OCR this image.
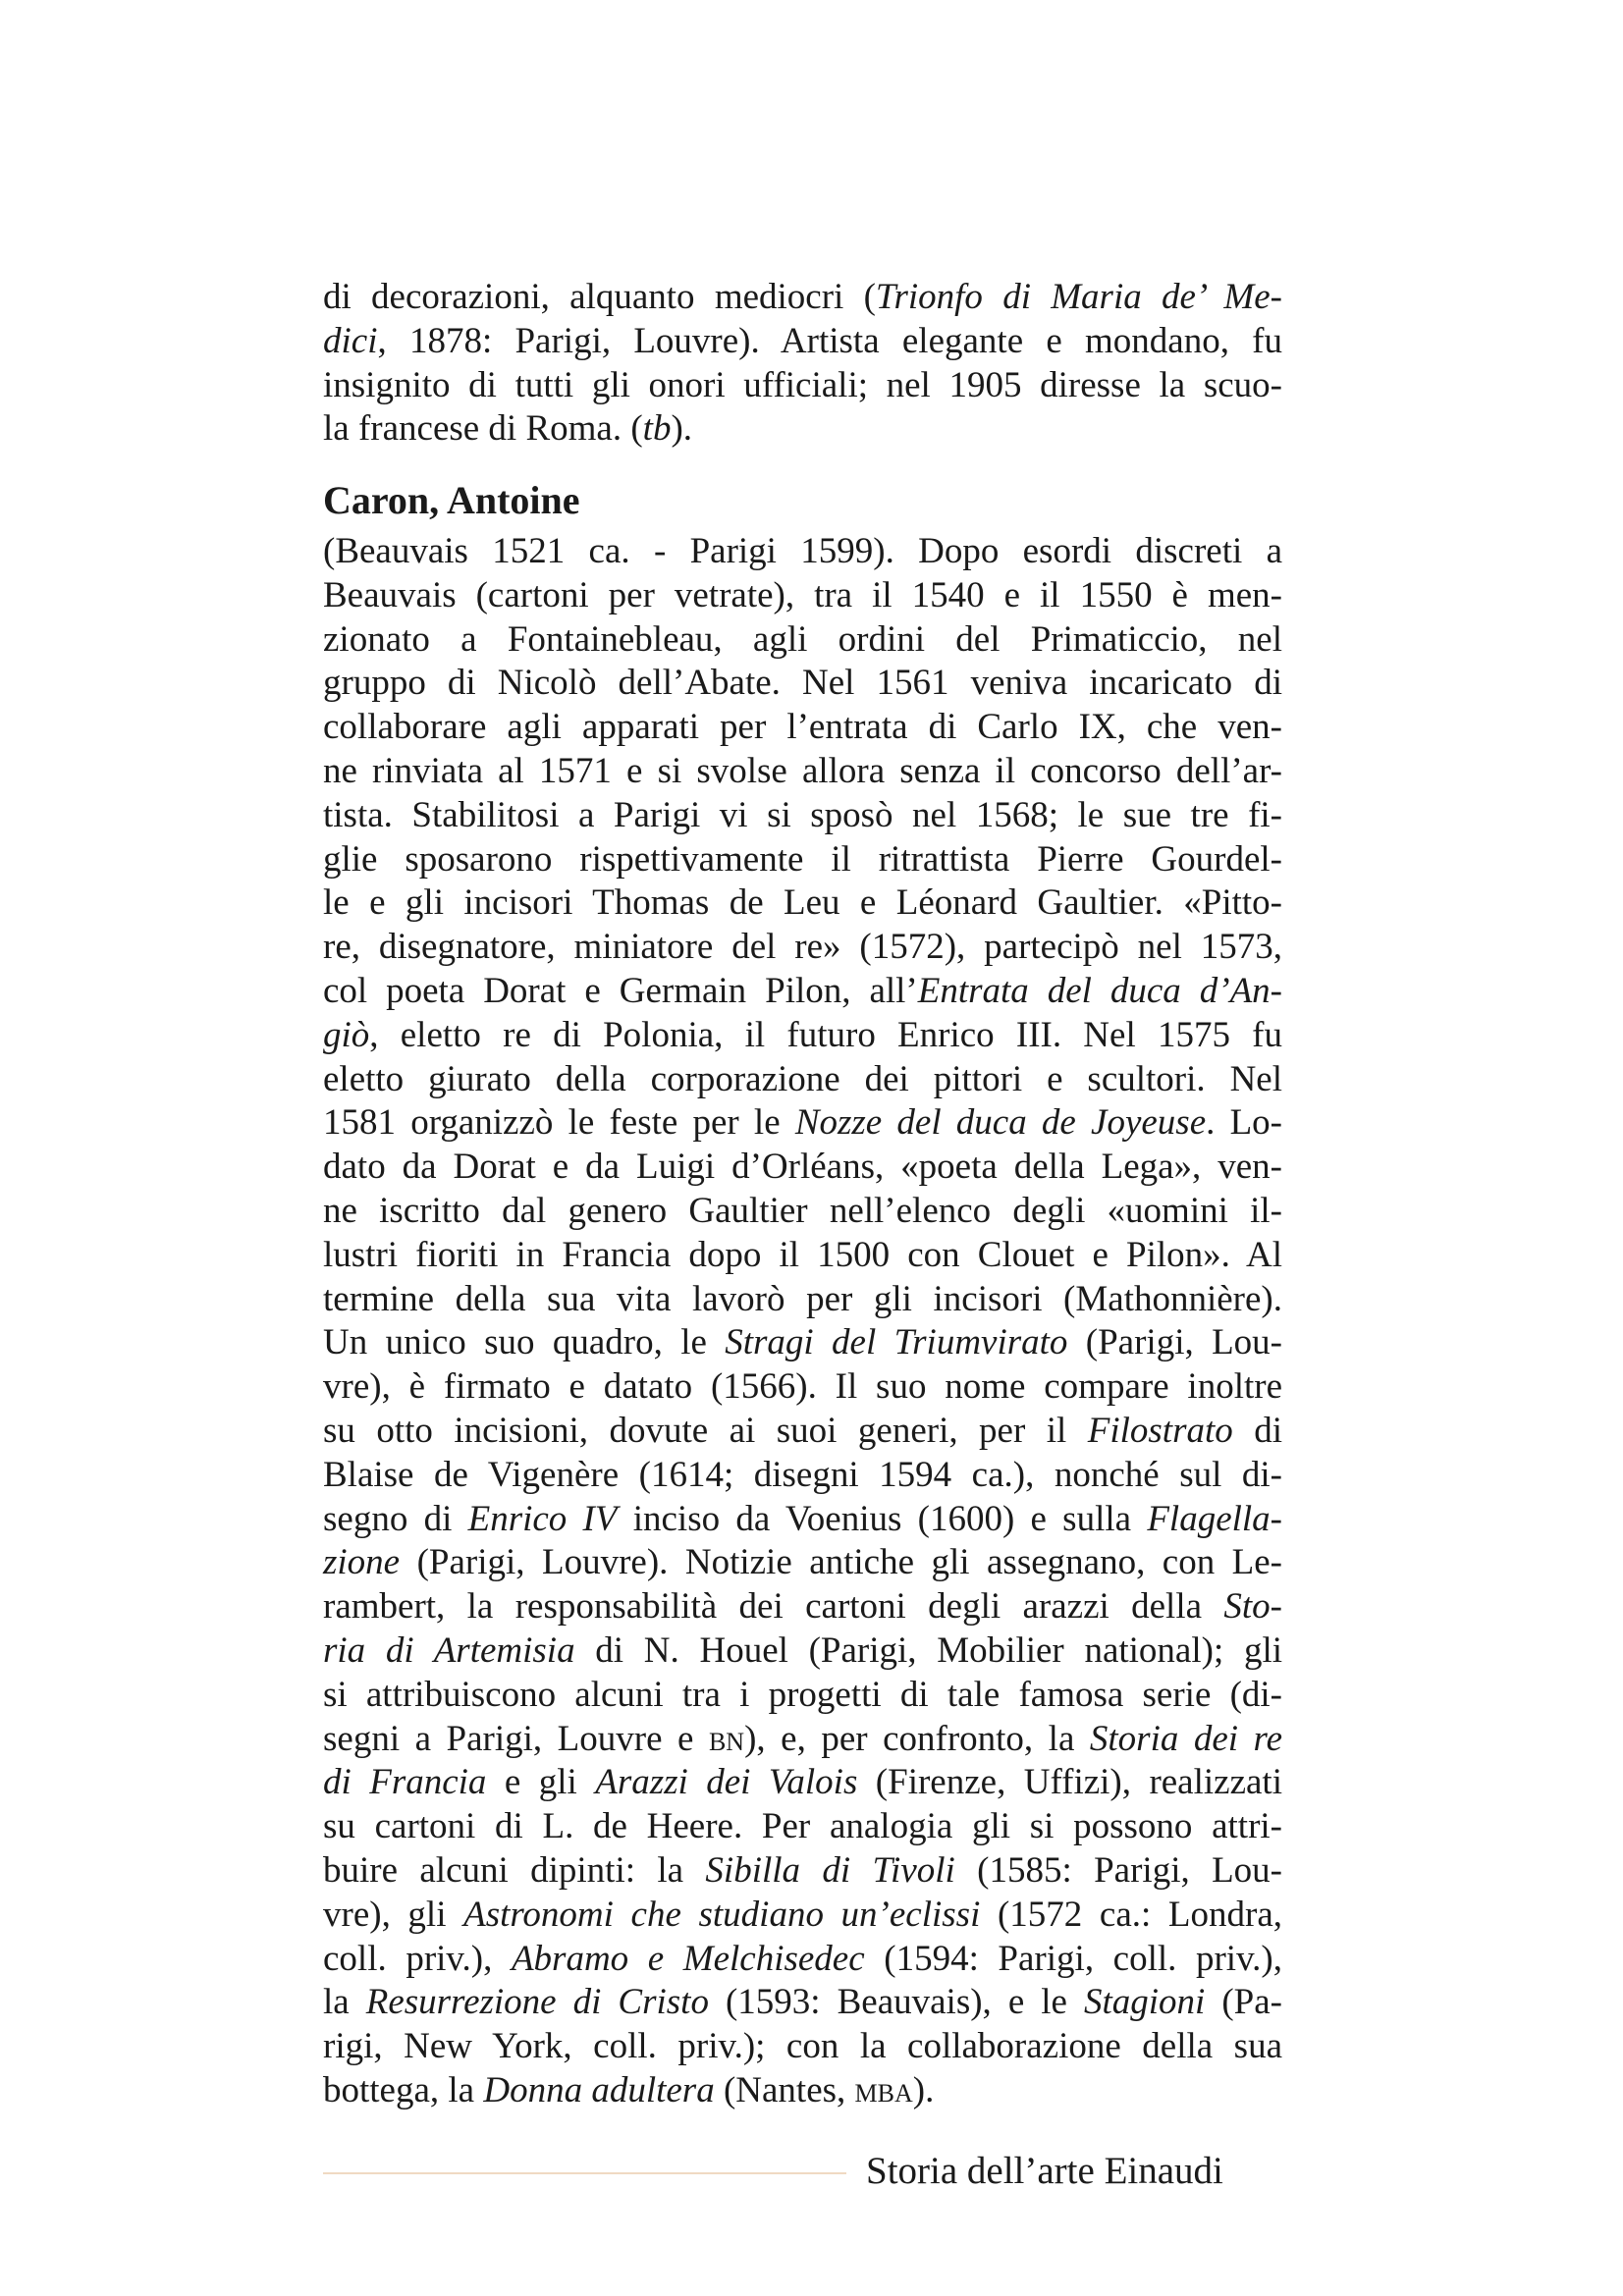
di decorazioni, alquanto mediocri (Trionfo di Maria de’ Me-
dici, 1878: Parigi, Louvre). Artista elegante e mondano, fu
insignito di tutti gli onori ufficiali; nel 1905 diresse la scuo-
la francese di Roma. (tb).
Caron, Antoine
(Beauvais 1521 ca. - Parigi 1599). Dopo esordi discreti a
Beauvais (cartoni per vetrate), tra il 1540 e il 1550 è men-
zionato a Fontainebleau, agli ordini del Primaticcio, nel
gruppo di Nicolò dell’Abate. Nel 1561 veniva incaricato di
collaborare agli apparati per l’entrata di Carlo IX, che ven-
ne rinviata al 1571 e si svolse allora senza il concorso dell’ar-
tista. Stabilitosi a Parigi vi si sposò nel 1568; le sue tre fi-
glie sposarono rispettivamente il ritrattista Pierre Gourdel-
le e gli incisori Thomas de Leu e Léonard Gaultier. «Pitto-
re, disegnatore, miniatore del re» (1572), partecipò nel 1573,
col poeta Dorat e Germain Pilon, all’Entrata del duca d’An-
giò, eletto re di Polonia, il futuro Enrico III. Nel 1575 fu
eletto giurato della corporazione dei pittori e scultori. Nel
1581 organizzò le feste per le Nozze del duca de Joyeuse. Lo-
dato da Dorat e da Luigi d’Orléans, «poeta della Lega», ven-
ne iscritto dal genero Gaultier nell’elenco degli «uomini il-
lustri fioriti in Francia dopo il 1500 con Clouet e Pilon». Al
termine della sua vita lavorò per gli incisori (Mathonnière).
Un unico suo quadro, le Stragi del Triumvirato (Parigi, Lou-
vre), è firmato e datato (1566). Il suo nome compare inoltre
su otto incisioni, dovute ai suoi generi, per il Filostrato di
Blaise de Vigenère (1614; disegni 1594 ca.), nonché sul di-
segno di Enrico IV inciso da Voenius (1600) e sulla Flagella-
zione (Parigi, Louvre). Notizie antiche gli assegnano, con Le-
rambert, la responsabilità dei cartoni degli arazzi della Sto-
ria di Artemisia di N. Houel (Parigi, Mobilier national); gli
si attribuiscono alcuni tra i progetti di tale famosa serie (di-
segni a Parigi, Louvre e bn), e, per confronto, la Storia dei re
di Francia e gli Arazzi dei Valois (Firenze, Uffizi), realizzati
su cartoni di L. de Heere. Per analogia gli si possono attri-
buire alcuni dipinti: la Sibilla di Tivoli (1585: Parigi, Lou-
vre), gli Astronomi che studiano un’eclissi (1572 ca.: Londra,
coll. priv.), Abramo e Melchisedec (1594: Parigi, coll. priv.),
la Resurrezione di Cristo (1593: Beauvais), e le Stagioni (Pa-
rigi, New York, coll. priv.); con la collaborazione della sua
bottega, la Donna adultera (Nantes, mba).
Storia dell’arte Einaudi
